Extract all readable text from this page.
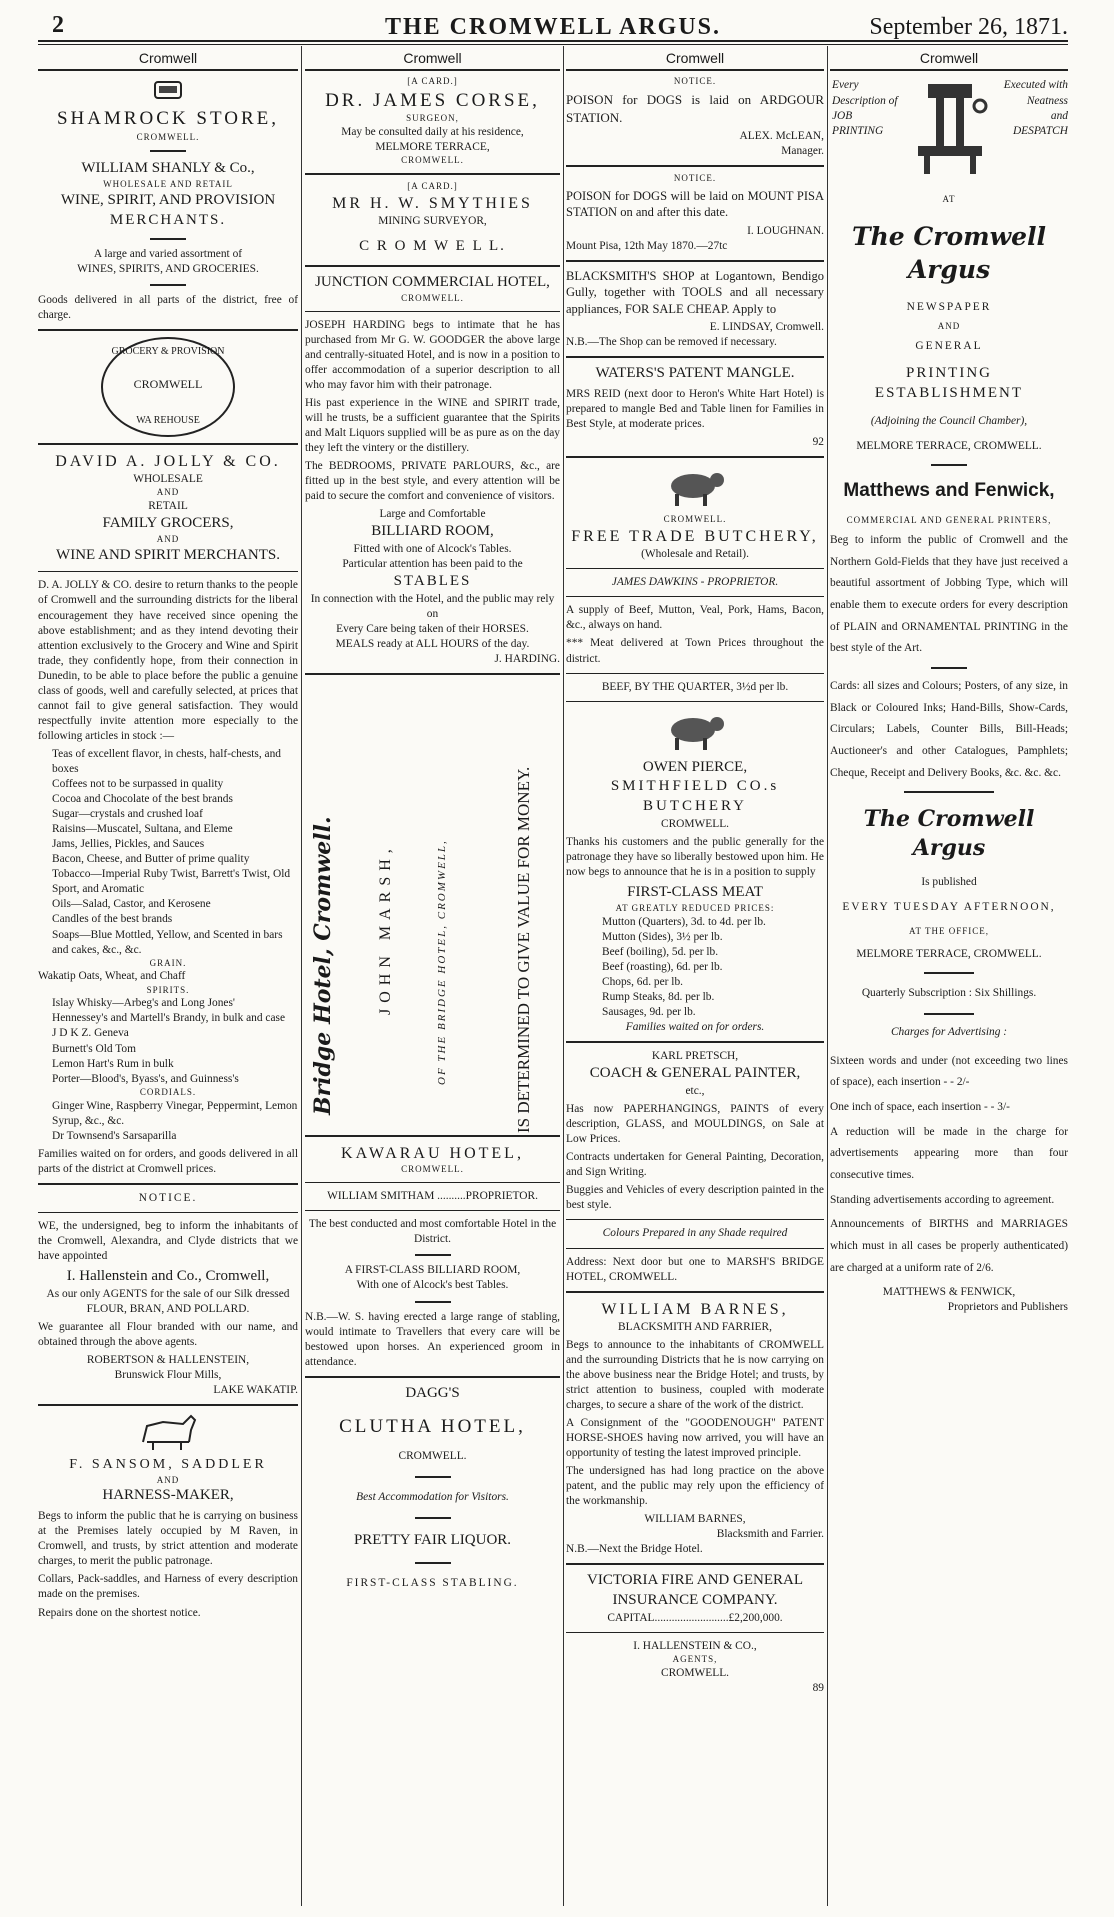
2	THE CROMWELL ARGUS.	September 26, 1871.
Cromwell
SHAMROCK STORE,
CROMWELL.
WILLIAM SHANLY & Co.,
WHOLESALE AND RETAIL
WINE, SPIRIT, AND PROVISION
MERCHANTS.
A large and varied assortment of
WINES, SPIRITS, AND GROCERIES.

Goods delivered in all parts of the district, free of charge.

GROCERY & PROVISION
CROMWELL
WA REHOUSE
DAVID A. JOLLY & CO.
WHOLESALE
AND
RETAIL
FAMILY GROCERS,
AND
WINE AND SPIRIT MERCHANTS.

D. A. JOLLY & CO. desire to return thanks to the people of Cromwell and the surrounding districts for the liberal encouragement they have received since opening the above establishment; and as they intend devoting their attention exclusively to the Grocery and Wine and Spirit trade, they confidently hope, from their connection in Dunedin, to be able to place before the public a genuine class of goods, well and carefully selected, at prices that cannot fail to give general satisfaction. They would respectfully invite attention more especially to the following articles in stock :—

Teas of excellent flavor, in chests, half-chests, and boxes
Coffees not to be surpassed in quality
Cocoa and Chocolate of the best brands
Sugar—crystals and crushed loaf
Raisins—Muscatel, Sultana, and Eleme
Jams, Jellies, Pickles, and Sauces
Bacon, Cheese, and Butter of prime quality
Tobacco—Imperial Ruby Twist, Barrett's Twist, Old Sport, and Aromatic
Oils—Salad, Castor, and Kerosene
Candles of the best brands
Soaps—Blue Mottled, Yellow, and Scented in bars and cakes, &c., &c.
GRAIN.
Wakatip Oats, Wheat, and Chaff
SPIRITS.
Islay Whisky—Arbeg's and Long Jones'
Hennessey's and Martell's Brandy, in bulk and case
J D K Z. Geneva
Burnett's Old Tom
Lemon Hart's Rum in bulk
Porter—Blood's, Byass's, and Guinness's
CORDIALS.
Ginger Wine, Raspberry Vinegar, Peppermint, Lemon Syrup, &c., &c.
Dr Townsend's Sarsaparilla

Families waited on for orders, and goods delivered in all parts of the district at Cromwell prices.

NOTICE.

WE, the undersigned, beg to inform the inhabitants of the Cromwell, Alexandra, and Clyde districts that we have appointed

I. Hallenstein and Co., Cromwell,
As our only AGENTS for the sale of our Silk dressed
FLOUR, BRAN, AND POLLARD.

We guarantee all Flour branded with our name, and obtained through the above agents.

ROBERTSON & HALLENSTEIN,
Brunswick Flour Mills,
LAKE WAKATIP.
F. SANSOM, SADDLER
AND
HARNESS-MAKER,

Begs to inform the public that he is carrying on business at the Premises lately occupied by M Raven, in Cromwell, and trusts, by strict attention and moderate charges, to merit the public patronage.

Collars, Pack-saddles, and Harness of every description made on the premises.

Repairs done on the shortest notice.

Cromwell
[A CARD.]
DR. JAMES CORSE,
SURGEON,
May be consulted daily at his residence,
MELMORE TERRACE,
CROMWELL.
[A CARD.]
MR H. W. SMYTHIES
MINING SURVEYOR,
C R O M W E L L.
JUNCTION COMMERCIAL HOTEL,
CROMWELL.

JOSEPH HARDING begs to intimate that he has purchased from Mr G. W. GOODGER the above large and centrally-situated Hotel, and is now in a position to offer accommodation of a superior description to all who may favor him with their patronage.

His past experience in the WINE and SPIRIT trade, will he trusts, be a sufficient guarantee that the Spirits and Malt Liquors supplied will be as pure as on the day they left the vintery or the distillery.

The BEDROOMS, PRIVATE PARLOURS, &c., are fitted up in the best style, and every attention will be paid to secure the comfort and convenience of visitors.

Large and Comfortable
BILLIARD ROOM,
Fitted with one of Alcock's Tables.
Particular attention has been paid to the
STABLES
In connection with the Hotel, and the public may rely on
Every Care being taken of their HORSES.
MEALS ready at ALL HOURS of the day.
J. HARDING.
Bridge Hotel, Cromwell.	JOHN MARSH,	OF THE BRIDGE HOTEL, CROMWELL,	IS DETERMINED TO GIVE VALUE FOR MONEY.
KAWARAU HOTEL,
CROMWELL.
WILLIAM SMITHAM ..........PROPRIETOR.
The best conducted and most comfortable Hotel in the District.
A FIRST-CLASS BILLIARD ROOM,
With one of Alcock's best Tables.

N.B.—W. S. having erected a large range of stabling, would intimate to Travellers that every care will be bestowed upon horses. An experienced groom in attendance.

DAGG'S
CLUTHA HOTEL,
CROMWELL.
Best Accommodation for Visitors.
PRETTY FAIR LIQUOR.
FIRST-CLASS STABLING.
Cromwell
NOTICE.

POISON for DOGS is laid on ARDGOUR STATION.

ALEX. McLEAN,
Manager.
NOTICE.

POISON for DOGS will be laid on MOUNT PISA STATION on and after this date.

I. LOUGHNAN.
Mount Pisa, 12th May 1870.—27tc

BLACKSMITH'S SHOP at Logantown, Bendigo Gully, together with TOOLS and all necessary appliances, FOR SALE CHEAP. Apply to

E. LINDSAY, Cromwell.
N.B.—The Shop can be removed if necessary.
WATERS'S PATENT MANGLE.

MRS REID (next door to Heron's White Hart Hotel) is prepared to mangle Bed and Table linen for Families in Best Style, at moderate prices.

92
CROMWELL.
FREE TRADE BUTCHERY,
(Wholesale and Retail).
JAMES DAWKINS - PROPRIETOR.

A supply of Beef, Mutton, Veal, Pork, Hams, Bacon, &c., always on hand.

*** Meat delivered at Town Prices throughout the district.

BEEF, BY THE QUARTER, 3½d per lb.
OWEN PIERCE,
SMITHFIELD CO.s BUTCHERY
CROMWELL.

Thanks his customers and the public generally for the patronage they have so liberally bestowed upon him. He now begs to announce that he is in a position to supply

FIRST-CLASS MEAT
AT GREATLY REDUCED PRICES:
Mutton (Quarters), 3d. to 4d. per lb.
Mutton (Sides), 3½ per lb.
Beef (boiling), 5d. per lb.
Beef (roasting), 6d. per lb.
Chops, 6d. per lb.
Rump Steaks, 8d. per lb.
Sausages, 9d. per lb.
Families waited on for orders.
KARL PRETSCH,
COACH & GENERAL PAINTER,
etc.,

Has now PAPERHANGINGS, PAINTS of every description, GLASS, and MOULDINGS, on Sale at Low Prices.

Contracts undertaken for General Painting, Decoration, and Sign Writing.

Buggies and Vehicles of every description painted in the best style.

Colours Prepared in any Shade required

Address: Next door but one to MARSH'S BRIDGE HOTEL, CROMWELL.

WILLIAM BARNES,
BLACKSMITH AND FARRIER,

Begs to announce to the inhabitants of CROMWELL and the surrounding Districts that he is now carrying on the above business near the Bridge Hotel; and trusts, by strict attention to business, coupled with moderate charges, to secure a share of the work of the district.

A Consignment of the "GOODENOUGH" PATENT HORSE-SHOES having now arrived, you will have an opportunity of testing the latest improved principle.

The undersigned has had long practice on the above patent, and the public may rely upon the efficiency of the workmanship.

WILLIAM BARNES,
Blacksmith and Farrier.
N.B.—Next the Bridge Hotel.
VICTORIA FIRE AND GENERAL INSURANCE COMPANY.
CAPITAL..........................£2,200,000.
I. HALLENSTEIN & CO.,
AGENTS,
CROMWELL.
89
Cromwell
Every Description of
JOB
PRINTING
Executed with Neatness
and
DESPATCH
AT
The Cromwell Argus
NEWSPAPER
AND
GENERAL
PRINTING ESTABLISHMENT
(Adjoining the Council Chamber),
MELMORE TERRACE, CROMWELL.
Matthews and Fenwick,
COMMERCIAL AND GENERAL PRINTERS,

Beg to inform the public of Cromwell and the Northern Gold-Fields that they have just received a beautiful assortment of Jobbing Type, which will enable them to execute orders for every description of PLAIN and ORNAMENTAL PRINTING in the best style of the Art.

Cards: all sizes and Colours; Posters, of any size, in Black or Coloured Inks; Hand-Bills, Show-Cards, Circulars; Labels, Counter Bills, Bill-Heads; Auctioneer's and other Catalogues, Pamphlets; Cheque, Receipt and Delivery Books, &c. &c. &c.

The Cromwell Argus
Is published
EVERY TUESDAY AFTERNOON,
AT THE OFFICE,
MELMORE TERRACE, CROMWELL.
Quarterly Subscription : Six Shillings.
Charges for Advertising :

Sixteen words and under (not exceeding two lines of space), each insertion - - 2/-

One inch of space, each insertion - - 3/-

A reduction will be made in the charge for advertisements appearing more than four consecutive times.

Standing advertisements according to agreement.

Announcements of BIRTHS and MARRIAGES which must in all cases be properly authenticated) are charged at a uniform rate of 2/6.

MATTHEWS & FENWICK,
Proprietors and Publishers
